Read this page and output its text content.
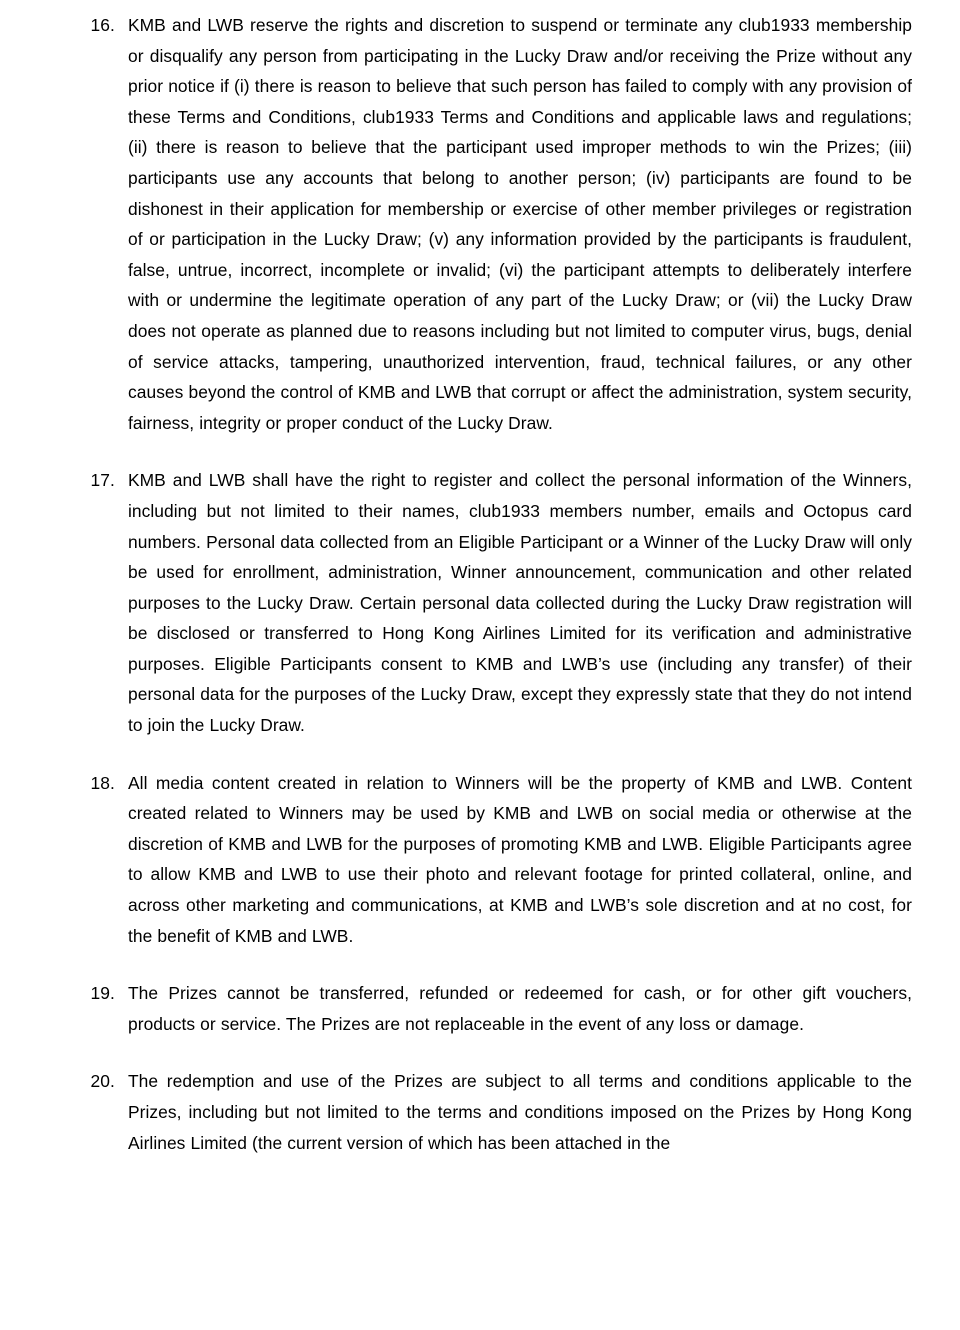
16. KMB and LWB reserve the rights and discretion to suspend or terminate any club1933 membership or disqualify any person from participating in the Lucky Draw and/or receiving the Prize without any prior notice if (i) there is reason to believe that such person has failed to comply with any provision of these Terms and Conditions, club1933 Terms and Conditions and applicable laws and regulations; (ii) there is reason to believe that the participant used improper methods to win the Prizes; (iii) participants use any accounts that belong to another person; (iv) participants are found to be dishonest in their application for membership or exercise of other member privileges or registration of or participation in the Lucky Draw; (v) any information provided by the participants is fraudulent, false, untrue, incorrect, incomplete or invalid; (vi) the participant attempts to deliberately interfere with or undermine the legitimate operation of any part of the Lucky Draw; or (vii) the Lucky Draw does not operate as planned due to reasons including but not limited to computer virus, bugs, denial of service attacks, tampering, unauthorized intervention, fraud, technical failures, or any other causes beyond the control of KMB and LWB that corrupt or affect the administration, system security, fairness, integrity or proper conduct of the Lucky Draw.
17. KMB and LWB shall have the right to register and collect the personal information of the Winners, including but not limited to their names, club1933 members number, emails and Octopus card numbers. Personal data collected from an Eligible Participant or a Winner of the Lucky Draw will only be used for enrollment, administration, Winner announcement, communication and other related purposes to the Lucky Draw. Certain personal data collected during the Lucky Draw registration will be disclosed or transferred to Hong Kong Airlines Limited for its verification and administrative purposes. Eligible Participants consent to KMB and LWB’s use (including any transfer) of their personal data for the purposes of the Lucky Draw, except they expressly state that they do not intend to join the Lucky Draw.
18. All media content created in relation to Winners will be the property of KMB and LWB. Content created related to Winners may be used by KMB and LWB on social media or otherwise at the discretion of KMB and LWB for the purposes of promoting KMB and LWB. Eligible Participants agree to allow KMB and LWB to use their photo and relevant footage for printed collateral, online, and across other marketing and communications, at KMB and LWB’s sole discretion and at no cost, for the benefit of KMB and LWB.
19. The Prizes cannot be transferred, refunded or redeemed for cash, or for other gift vouchers, products or service. The Prizes are not replaceable in the event of any loss or damage.
20. The redemption and use of the Prizes are subject to all terms and conditions applicable to the Prizes, including but not limited to the terms and conditions imposed on the Prizes by Hong Kong Airlines Limited (the current version of which has been attached in the
